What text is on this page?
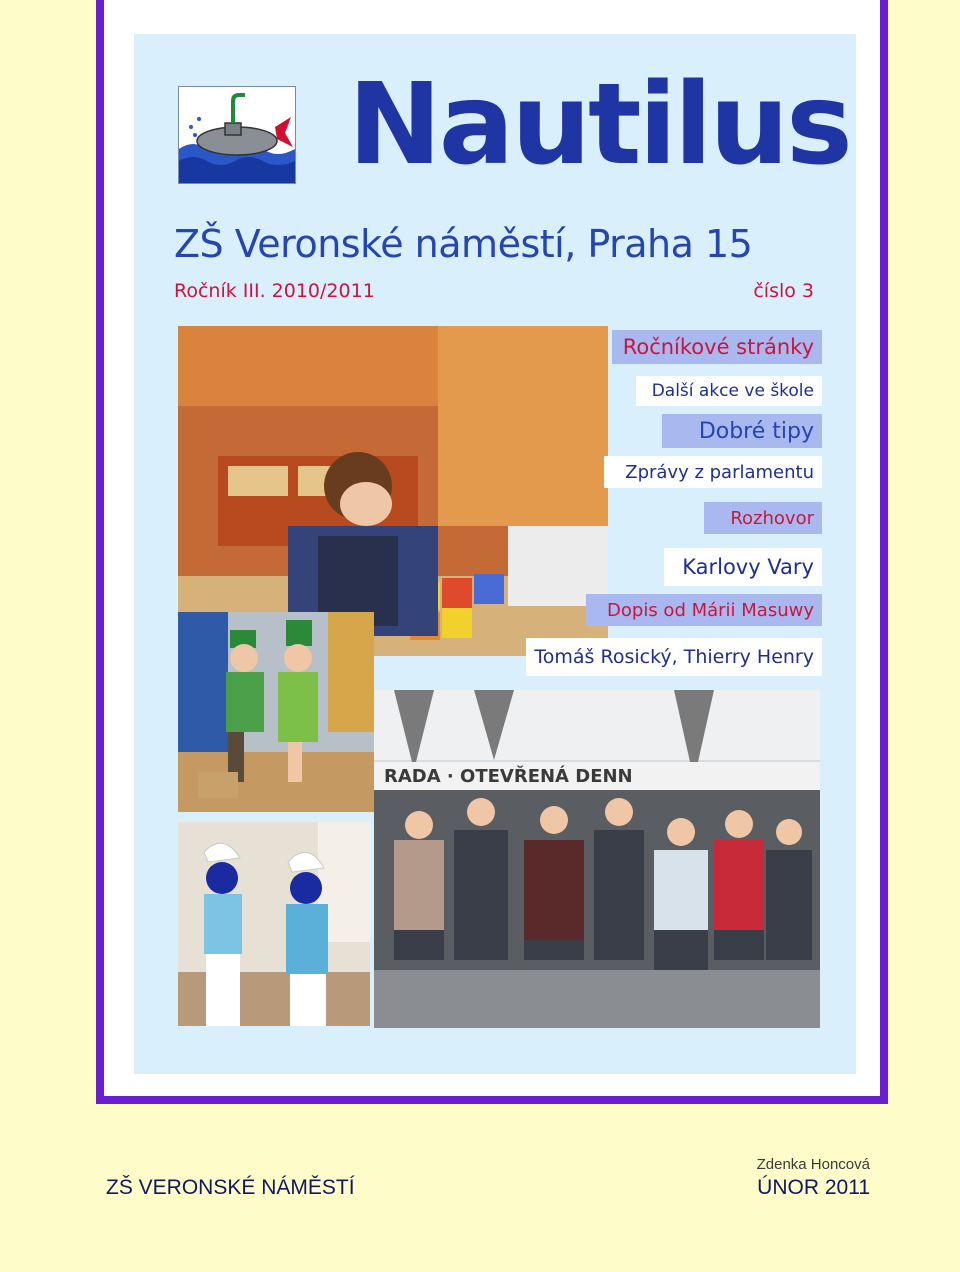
Nautilus
ZŠ Veronské náměstí, Praha 15
Ročník III. 2010/2011	číslo 3
RADA · OTEVŘENÁ DENN
Ročníkové stránky
Další akce ve škole
Dobré tipy
Zprávy z parlamentu
Rozhovor
Karlovy Vary
Dopis od Márii Masuwy
Tomáš Rosický, Thierry Henry
ZŠ VERONSKÉ NÁMĚSTÍ
Zdenka Honcová
ÚNOR 2011
